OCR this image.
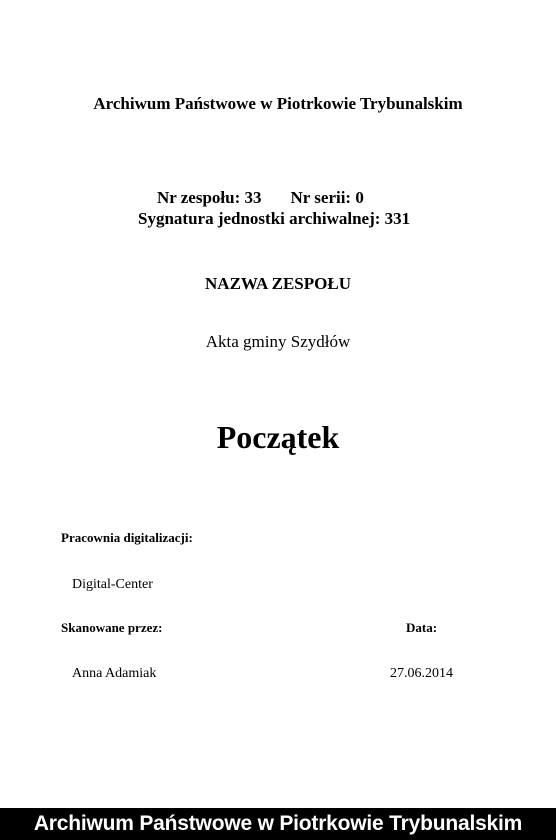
Archiwum Państwowe w Piotrkowie Trybunalskim
Nr zespołu: 33 Nr serii: 0
Sygnatura jednostki archiwalnej: 331
NAZWA ZESPOŁU
Akta gminy Szydłów
Początek
Pracownia digitalizacji:
Digital-Center
Skanowane przez:	Data:
Anna Adamiak	27.06.2014
Archiwum Państwowe w Piotrkowie Trybunalskim
